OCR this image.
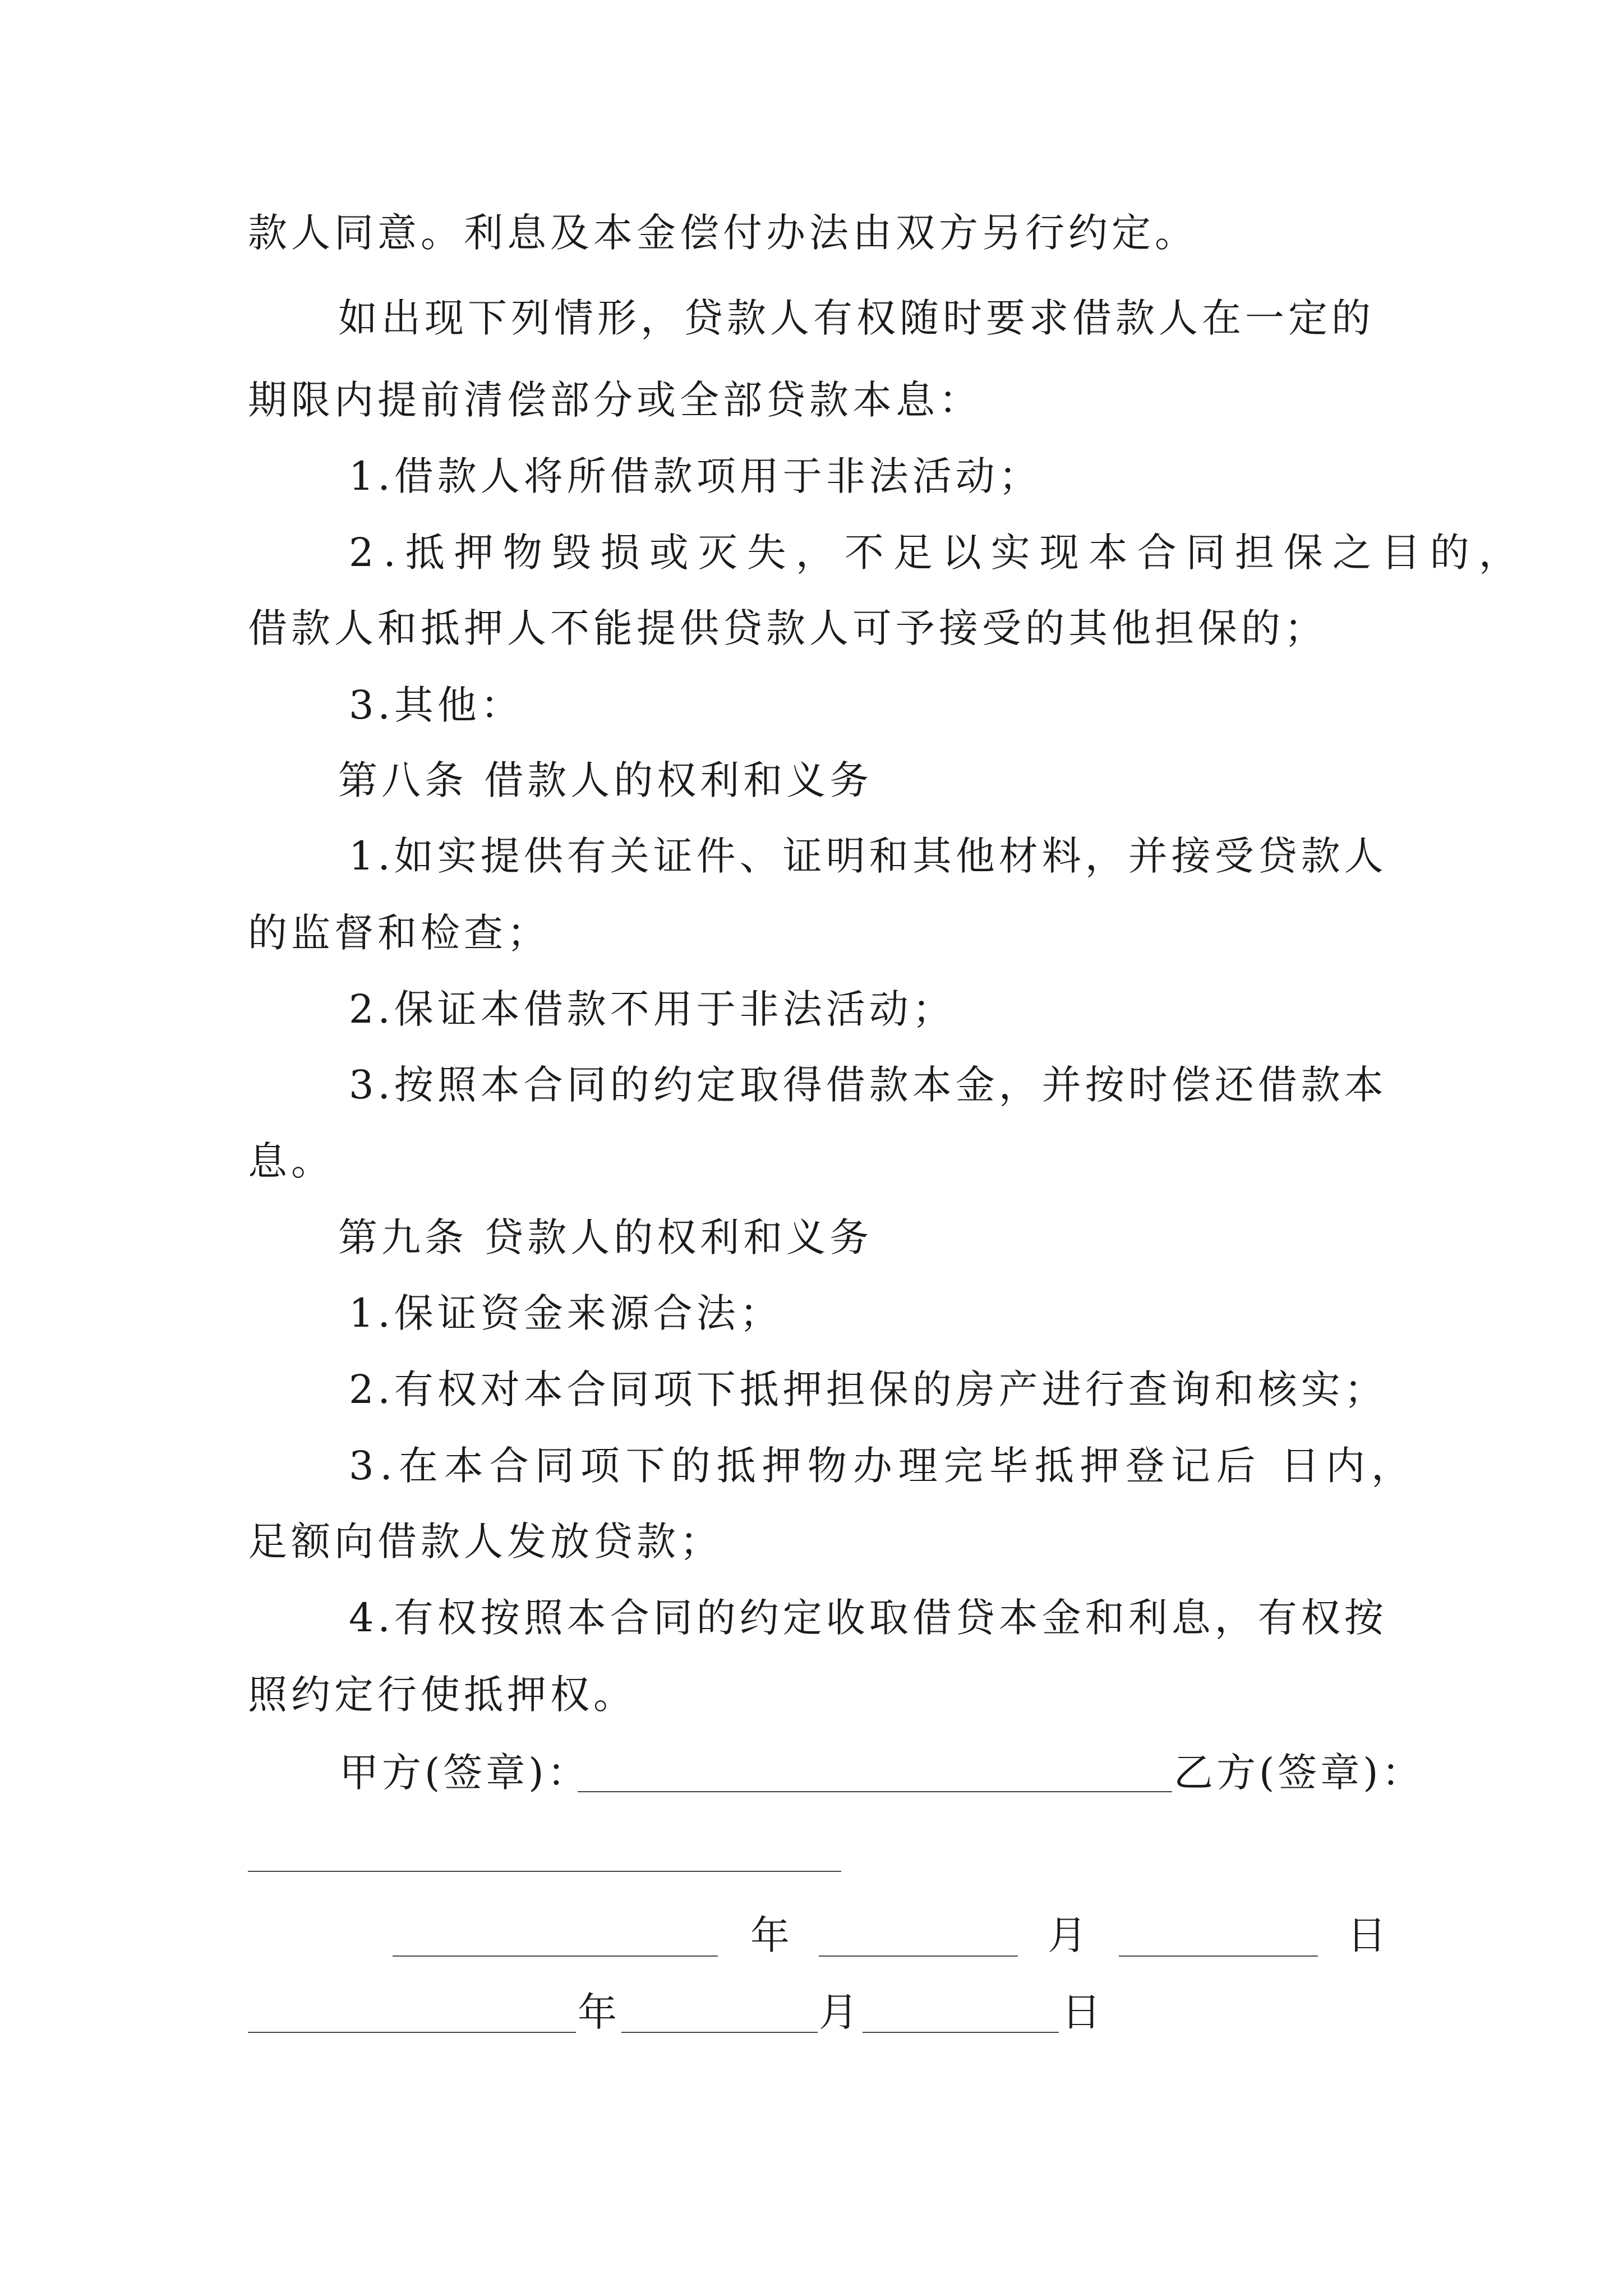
款人同意。利息及本金偿付办法由双方另行约定。
如出现下列情形，贷款人有权随时要求借款人在一定的
期限内提前清偿部分或全部贷款本息：
1.借款人将所借款项用于非法活动；
2.抵押物毁损或灭失，不足以实现本合同担保之目的，
借款人和抵押人不能提供贷款人可予接受的其他担保的；
3.其他：
第八条 借款人的权利和义务
1.如实提供有关证件、证明和其他材料，并接受贷款人
的监督和检查；
2.保证本借款不用于非法活动；
3.按照本合同的约定取得借款本金，并按时偿还借款本
息。
第九条 贷款人的权利和义务
1.保证资金来源合法；
2.有权对本合同项下抵押担保的房产进行查询和核实；
3.在本合同项下的抵押物办理完毕抵押登记后 日内，
足额向借款人发放贷款；
4.有权按照本合同的约定收取借贷本金和利息，有权按
照约定行使抵押权。
甲方(签章)：	乙方(签章)：
年	月	日
年	月	日
